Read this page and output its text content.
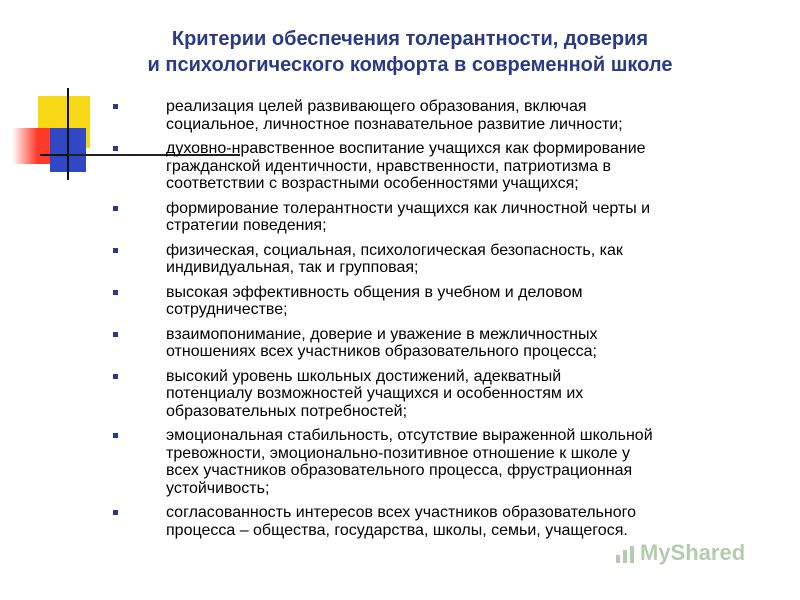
Критерии обеспечения толерантности, доверия
и психологического комфорта в современной школе
реализация целей развивающего образования, включая
социальное, личностное познавательное развитие личности;
духовно-нравственное воспитание учащихся как формирование
гражданской идентичности, нравственности, патриотизма в
соответствии с возрастными особенностями учащихся;
формирование толерантности учащихся как личностной черты и
стратегии поведения;
физическая, социальная, психологическая безопасность, как
индивидуальная, так и групповая;
высокая эффективность общения в учебном и деловом
сотрудничестве;
взаимопонимание, доверие и уважение в межличностных
отношениях всех участников образовательного процесса;
высокий уровень школьных достижений, адекватный
потенциалу возможностей учащихся и особенностям их
образовательных потребностей;
эмоциональная стабильность, отсутствие выраженной школьной
тревожности, эмоционально-позитивное отношение к школе у
всех участников образовательного процесса, фрустрационная
устойчивость;
согласованность интересов всех участников образовательного
процесса – общества, государства, школы, семьи, учащегося.
MyShared
